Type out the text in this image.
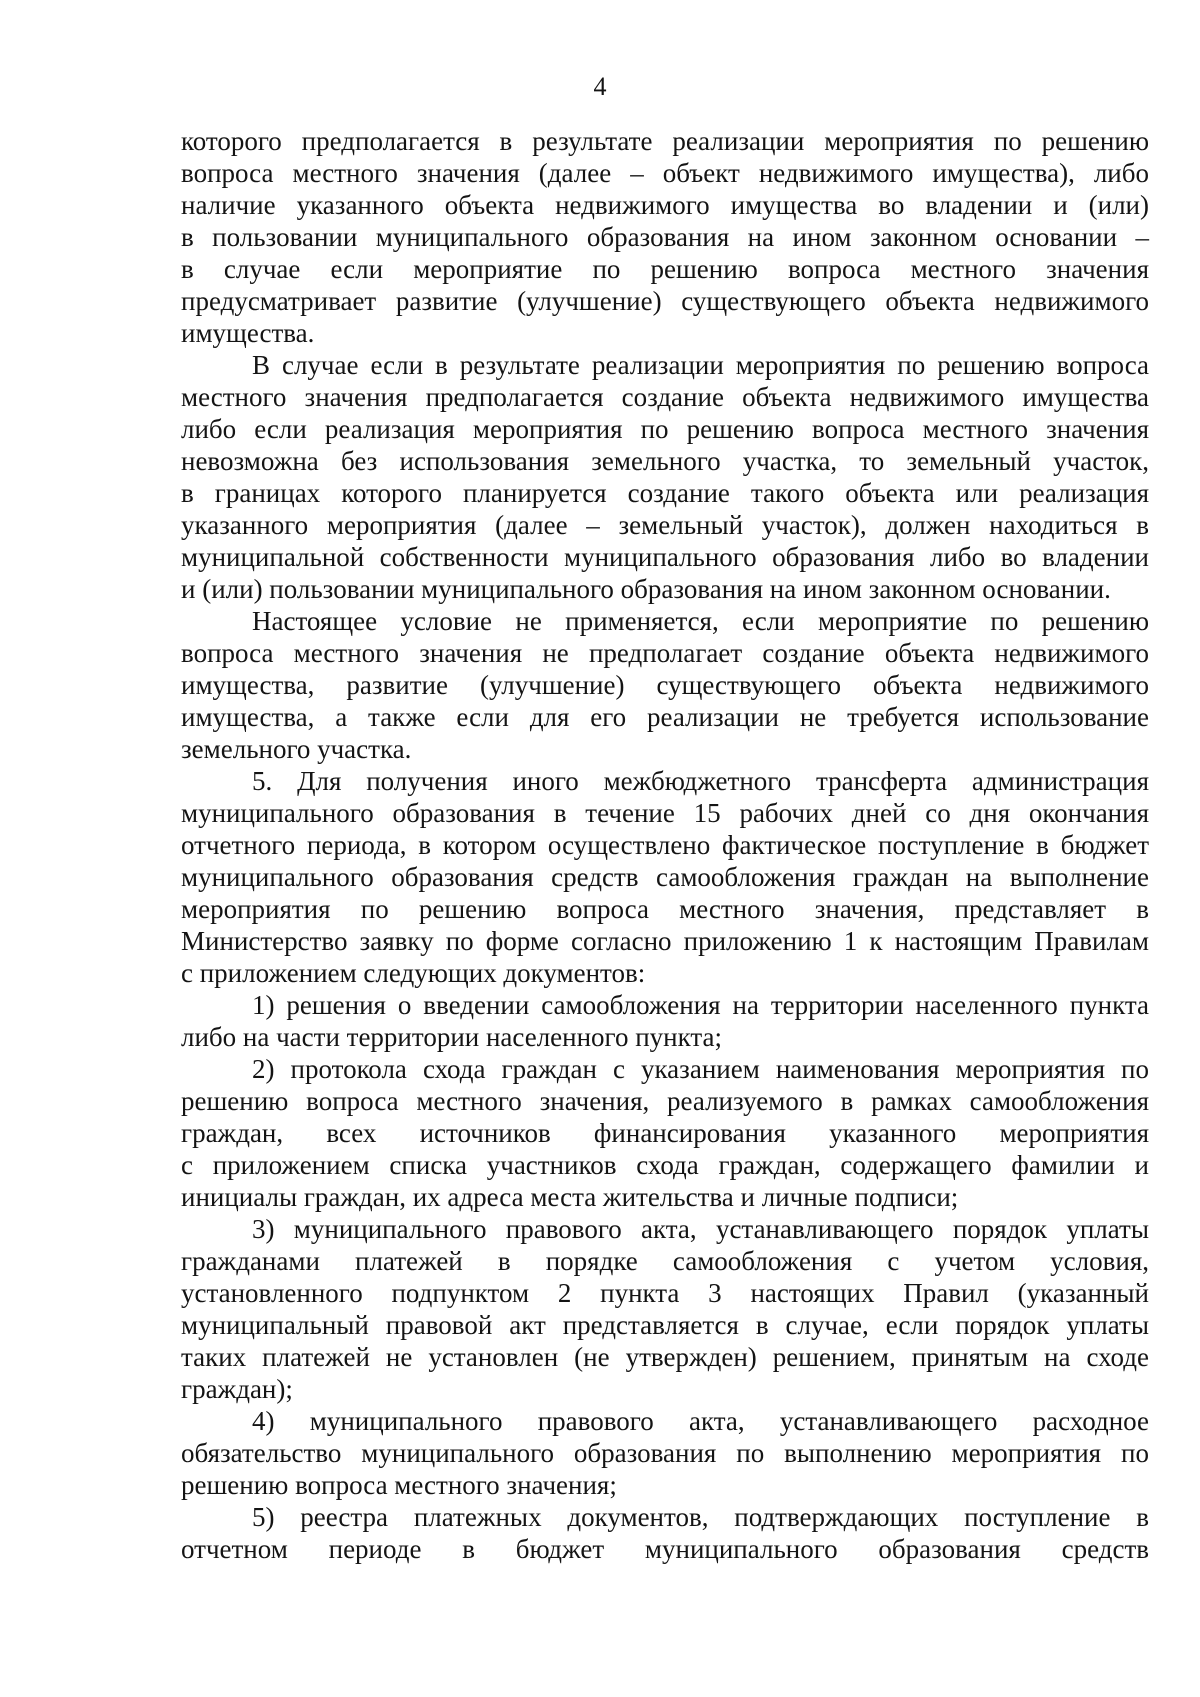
4
которого предполагается в результате реализации мероприятия по решению
вопроса местного значения (далее – объект недвижимого имущества), либо
наличие указанного объекта недвижимого имущества во владении и (или)
в пользовании муниципального образования на ином законном основании –
в случае если мероприятие по решению вопроса местного значения
предусматривает развитие (улучшение) существующего объекта недвижимого
имущества.
В случае если в результате реализации мероприятия по решению вопроса
местного значения предполагается создание объекта недвижимого имущества
либо если реализация мероприятия по решению вопроса местного значения
невозможна без использования земельного участка, то земельный участок,
в границах которого планируется создание такого объекта или реализация
указанного мероприятия (далее – земельный участок), должен находиться в
муниципальной собственности муниципального образования либо во владении
и (или) пользовании муниципального образования на ином законном основании.
Настоящее условие не применяется, если мероприятие по решению
вопроса местного значения не предполагает создание объекта недвижимого
имущества, развитие (улучшение) существующего объекта недвижимого
имущества, а также если для его реализации не требуется использование
земельного участка.
5. Для получения иного межбюджетного трансферта администрация
муниципального образования в течение 15 рабочих дней со дня окончания
отчетного периода, в котором осуществлено фактическое поступление в бюджет
муниципального образования средств самообложения граждан на выполнение
мероприятия по решению вопроса местного значения, представляет в
Министерство заявку по форме согласно приложению 1 к настоящим Правилам
с приложением следующих документов:
1) решения о введении самообложения на территории населенного пункта
либо на части территории населенного пункта;
2) протокола схода граждан с указанием наименования мероприятия по
решению вопроса местного значения, реализуемого в рамках самообложения
граждан, всех источников финансирования указанного мероприятия
с приложением списка участников схода граждан, содержащего фамилии и
инициалы граждан, их адреса места жительства и личные подписи;
3) муниципального правового акта, устанавливающего порядок уплаты
гражданами платежей в порядке самообложения с учетом условия,
установленного подпунктом 2 пункта 3 настоящих Правил (указанный
муниципальный правовой акт представляется в случае, если порядок уплаты
таких платежей не установлен (не утвержден) решением, принятым на сходе
граждан);
4) муниципального правового акта, устанавливающего расходное
обязательство муниципального образования по выполнению мероприятия по
решению вопроса местного значения;
5) реестра платежных документов, подтверждающих поступление в
отчетном периоде в бюджет муниципального образования средств
